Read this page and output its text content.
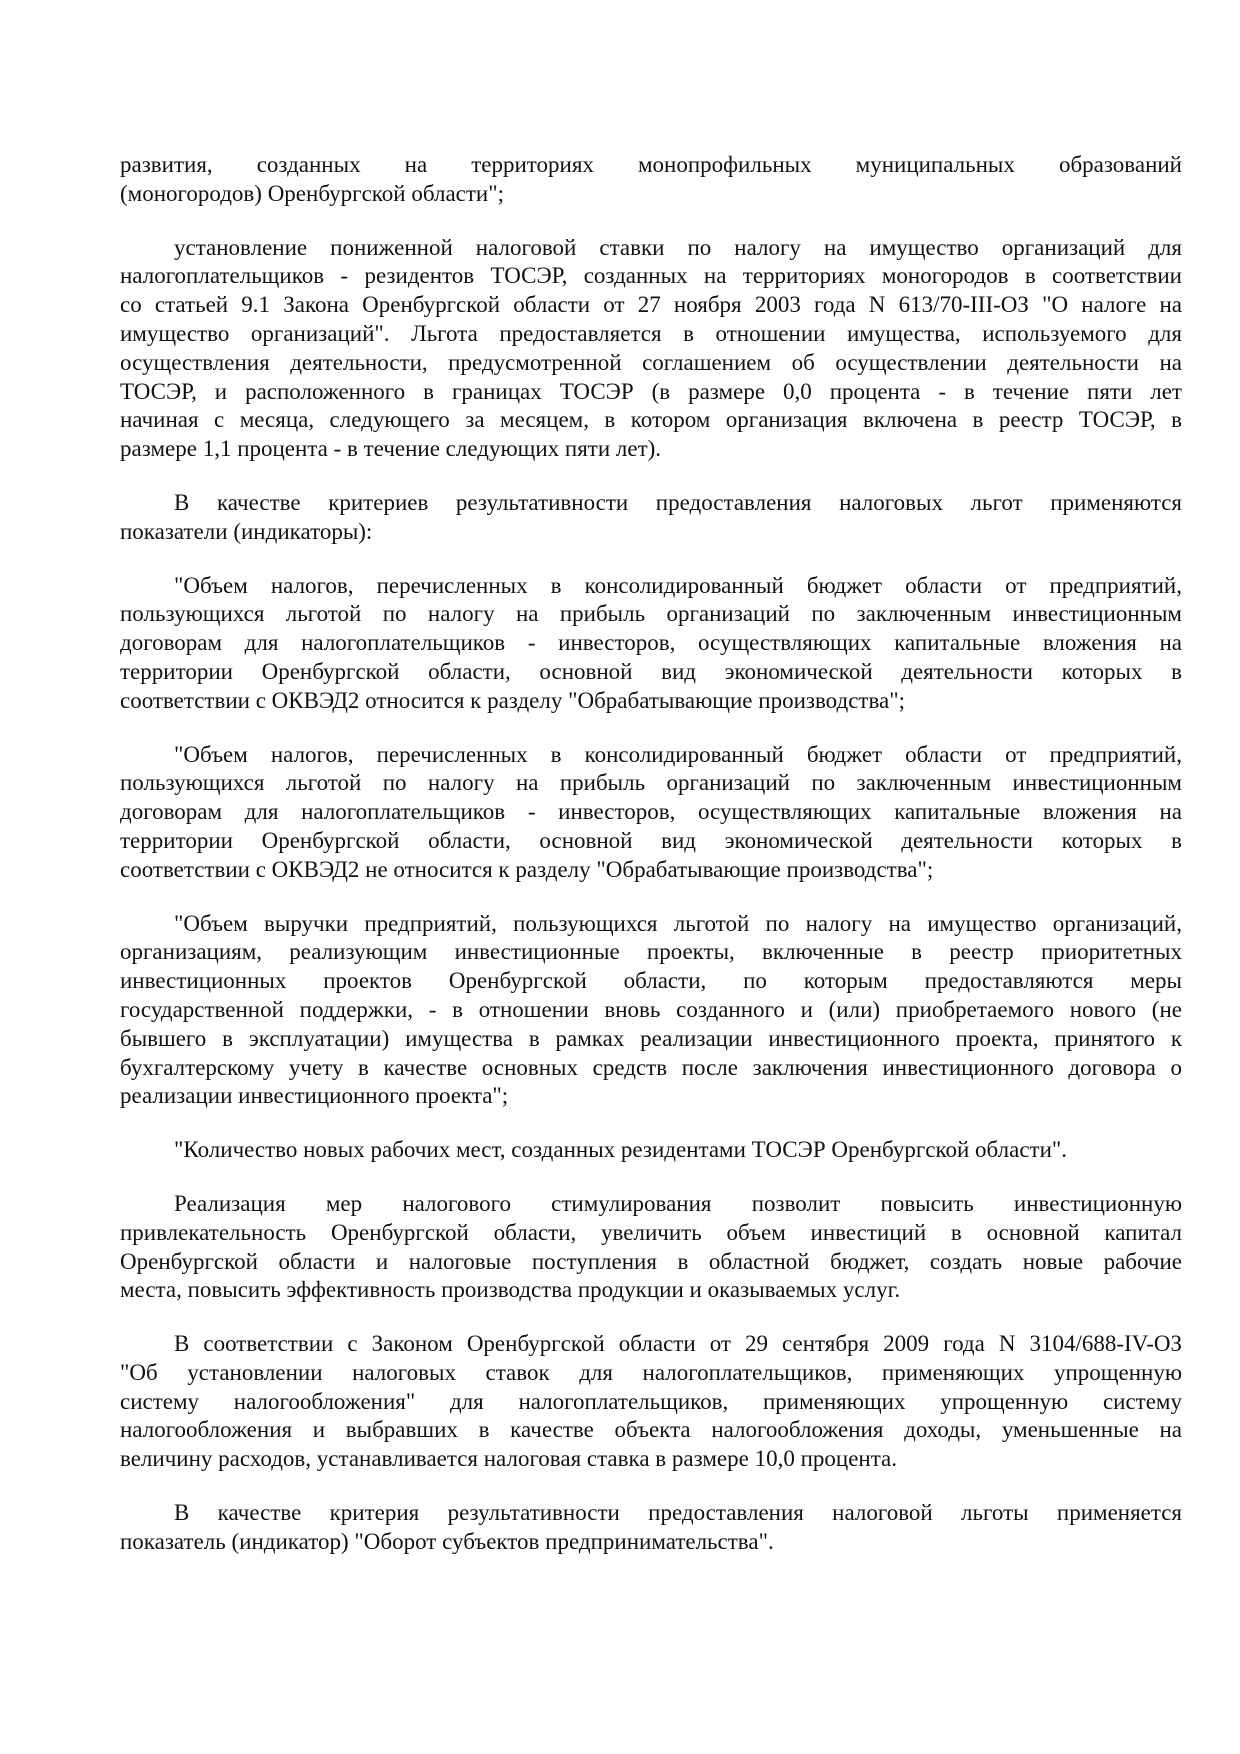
развития, созданных на территориях монопрофильных муниципальных образований
(моногородов) Оренбургской области";
установление пониженной налоговой ставки по налогу на имущество организаций для
налогоплательщиков - резидентов ТОСЭР, созданных на территориях моногородов в соответствии
со статьей 9.1 Закона Оренбургской области от 27 ноября 2003 года N 613/70-III-ОЗ "О налоге на
имущество организаций". Льгота предоставляется в отношении имущества, используемого для
осуществления деятельности, предусмотренной соглашением об осуществлении деятельности на
ТОСЭР, и расположенного в границах ТОСЭР (в размере 0,0 процента - в течение пяти лет
начиная с месяца, следующего за месяцем, в котором организация включена в реестр ТОСЭР, в
размере 1,1 процента - в течение следующих пяти лет).
В качестве критериев результативности предоставления налоговых льгот применяются
показатели (индикаторы):
"Объем налогов, перечисленных в консолидированный бюджет области от предприятий,
пользующихся льготой по налогу на прибыль организаций по заключенным инвестиционным
договорам для налогоплательщиков - инвесторов, осуществляющих капитальные вложения на
территории Оренбургской области, основной вид экономической деятельности которых в
соответствии с ОКВЭД2 относится к разделу "Обрабатывающие производства";
"Объем налогов, перечисленных в консолидированный бюджет области от предприятий,
пользующихся льготой по налогу на прибыль организаций по заключенным инвестиционным
договорам для налогоплательщиков - инвесторов, осуществляющих капитальные вложения на
территории Оренбургской области, основной вид экономической деятельности которых в
соответствии с ОКВЭД2 не относится к разделу "Обрабатывающие производства";
"Объем выручки предприятий, пользующихся льготой по налогу на имущество организаций,
организациям, реализующим инвестиционные проекты, включенные в реестр приоритетных
инвестиционных проектов Оренбургской области, по которым предоставляются меры
государственной поддержки, - в отношении вновь созданного и (или) приобретаемого нового (не
бывшего в эксплуатации) имущества в рамках реализации инвестиционного проекта, принятого к
бухгалтерскому учету в качестве основных средств после заключения инвестиционного договора о
реализации инвестиционного проекта";
"Количество новых рабочих мест, созданных резидентами ТОСЭР Оренбургской области".
Реализация мер налогового стимулирования позволит повысить инвестиционную
привлекательность Оренбургской области, увеличить объем инвестиций в основной капитал
Оренбургской области и налоговые поступления в областной бюджет, создать новые рабочие
места, повысить эффективность производства продукции и оказываемых услуг.
В соответствии с Законом Оренбургской области от 29 сентября 2009 года N 3104/688-IV-ОЗ
"Об установлении налоговых ставок для налогоплательщиков, применяющих упрощенную
систему налогообложения" для налогоплательщиков, применяющих упрощенную систему
налогообложения и выбравших в качестве объекта налогообложения доходы, уменьшенные на
величину расходов, устанавливается налоговая ставка в размере 10,0 процента.
В качестве критерия результативности предоставления налоговой льготы применяется
показатель (индикатор) "Оборот субъектов предпринимательства".
